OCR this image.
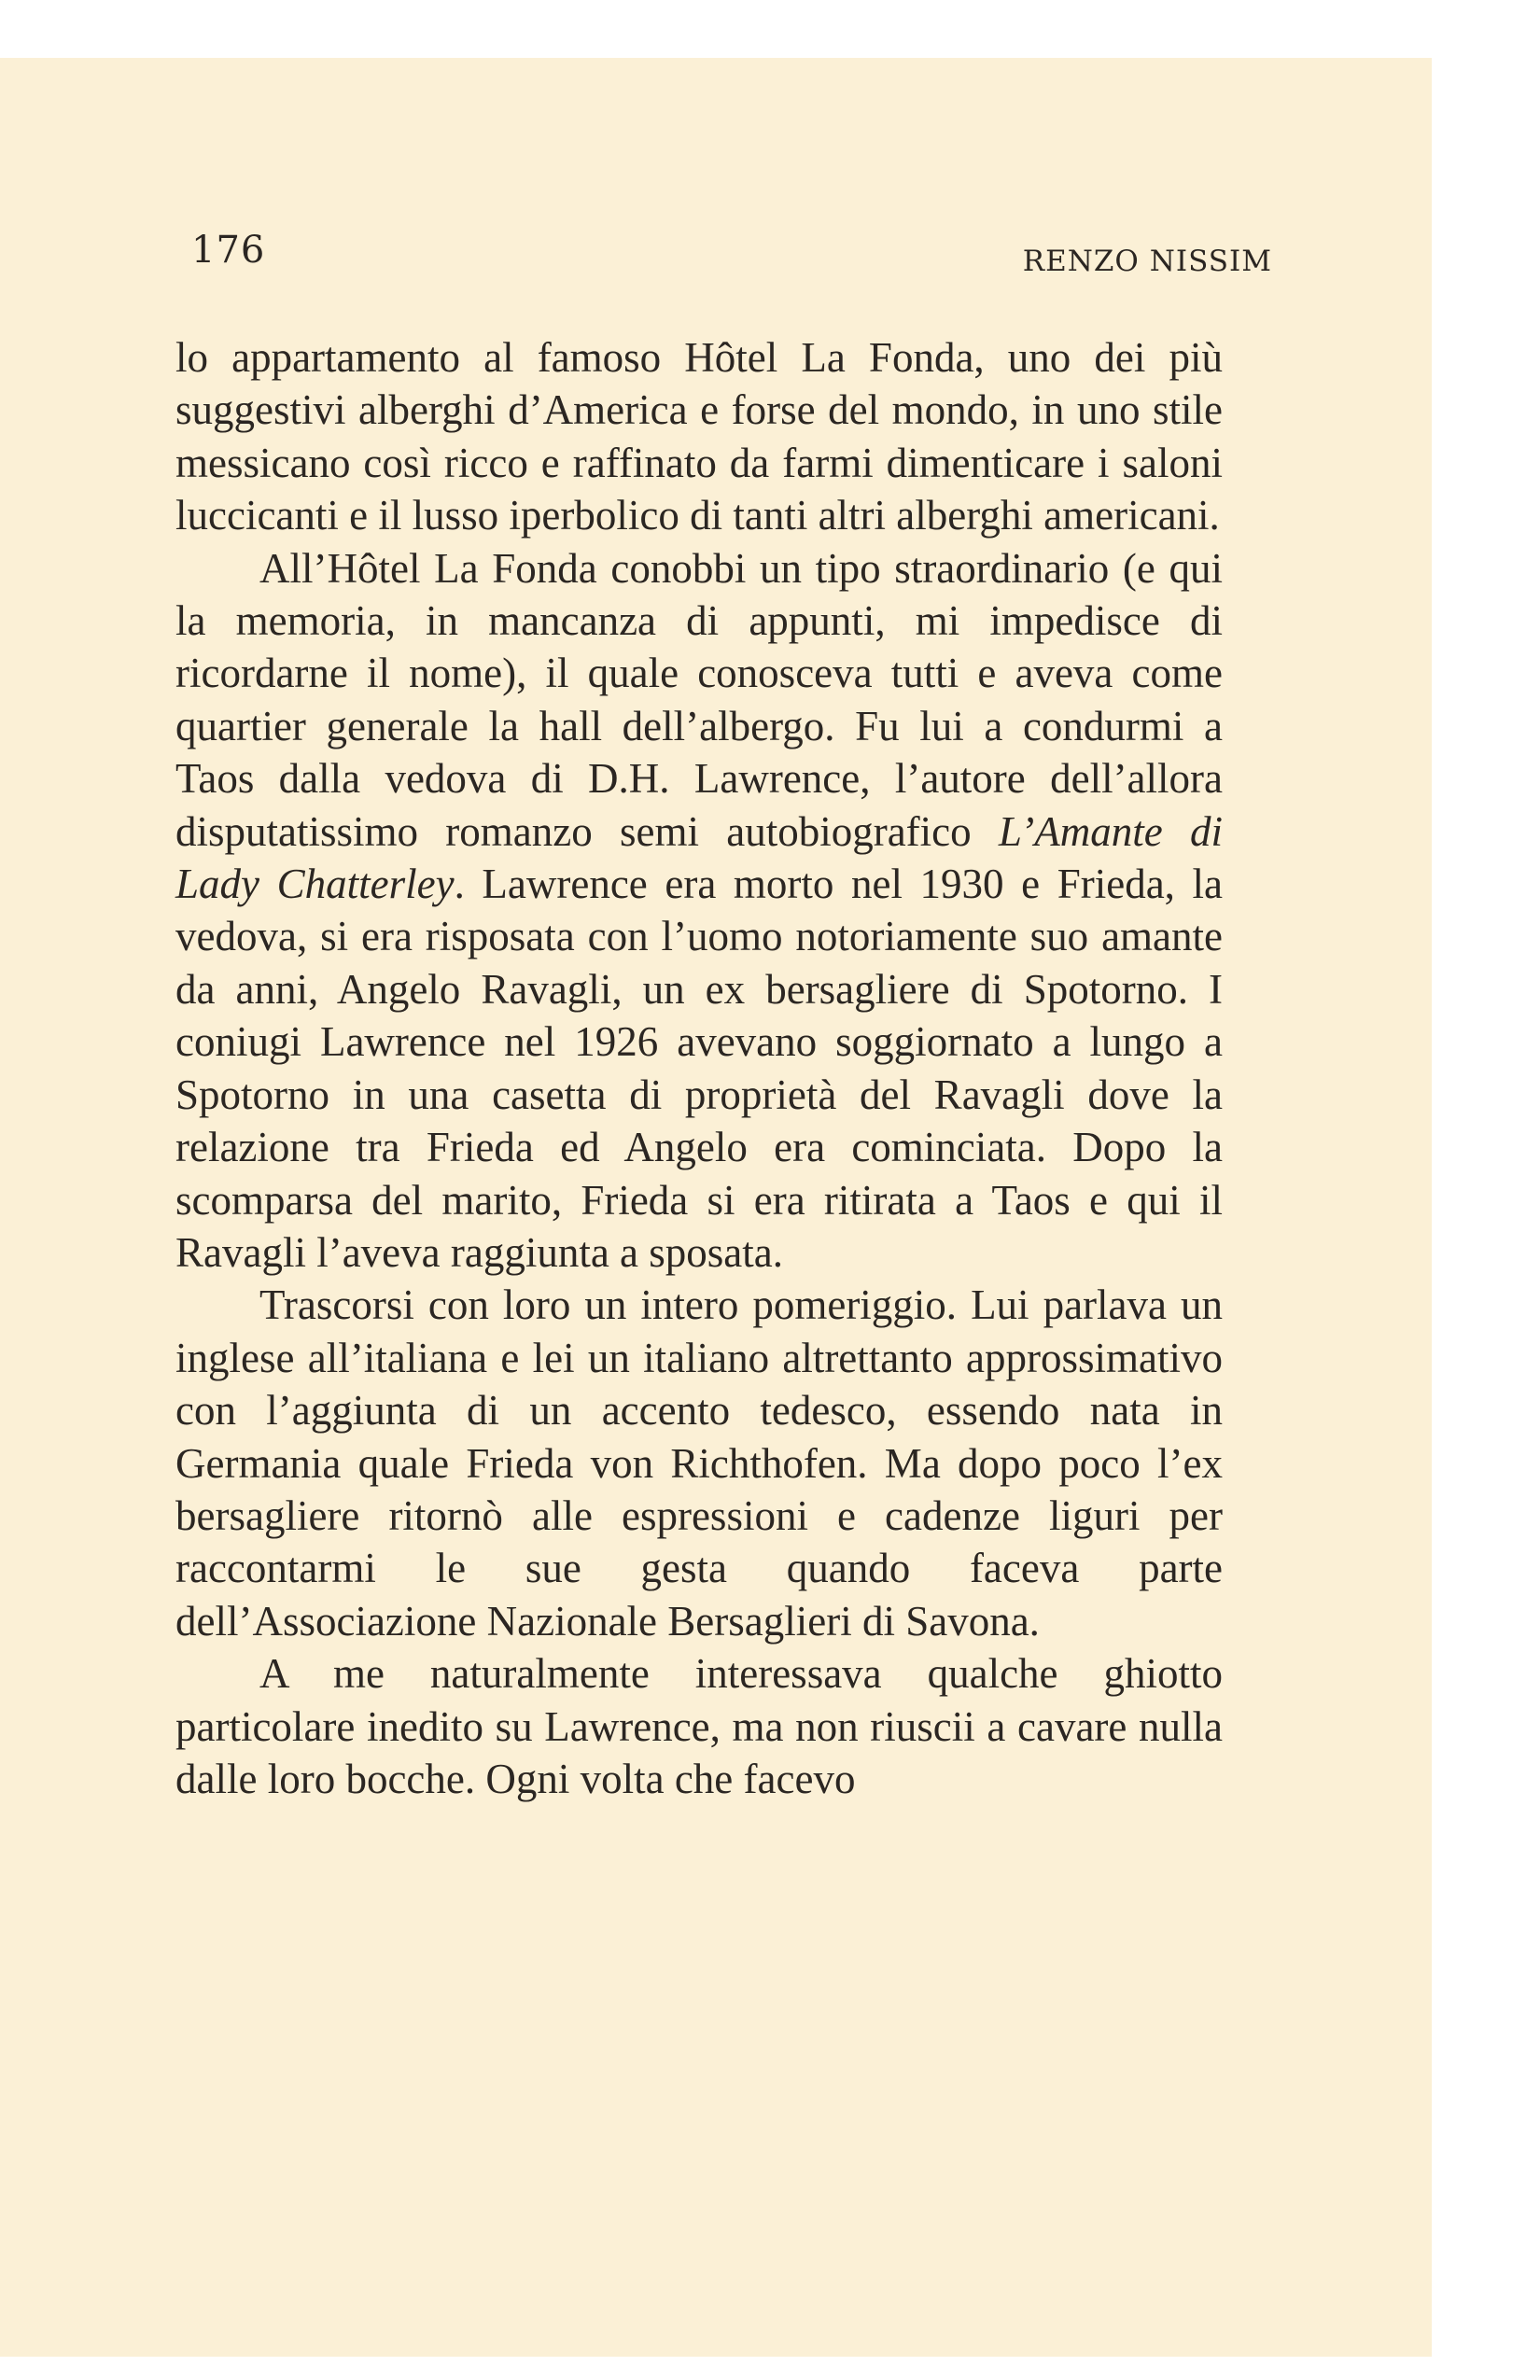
176	RENZO NISSIM

lo appartamento al famoso Hôtel La Fonda, uno dei più suggestivi alberghi d’America e forse del mondo, in uno stile messicano così ricco e raffinato da farmi dimenticare i saloni luccicanti e il lusso iperbolico di tanti altri alberghi americani.

All’Hôtel La Fonda conobbi un tipo straordinario (e qui la memoria, in mancanza di appunti, mi impedisce di ricordarne il nome), il quale conosceva tutti e aveva come quartier generale la hall dell’albergo. Fu lui a condurmi a Taos dalla vedova di D.H. Lawrence, l’autore dell’allora disputatissimo romanzo semi autobiografico L’Amante di Lady Chatterley. Lawrence era morto nel 1930 e Frieda, la vedova, si era risposata con l’uomo notoriamente suo amante da anni, Angelo Ravagli, un ex bersagliere di Spotorno. I coniugi Lawrence nel 1926 avevano soggiornato a lungo a Spotorno in una casetta di proprietà del Ravagli dove la relazione tra Frieda ed Angelo era cominciata. Dopo la scomparsa del marito, Frieda si era ritirata a Taos e qui il Ravagli l’aveva raggiunta a sposata.

Trascorsi con loro un intero pomeriggio. Lui parlava un inglese all’italiana e lei un italiano altrettanto approssimativo con l’aggiunta di un accento tedesco, essendo nata in Germania quale Frieda von Richthofen. Ma dopo poco l’ex bersagliere ritornò alle espressioni e cadenze liguri per raccontarmi le sue gesta quando faceva parte dell’Associazione Nazionale Bersaglieri di Savona.

A me naturalmente interessava qualche ghiotto particolare inedito su Lawrence, ma non riuscii a cavare nulla dalle loro bocche. Ogni volta che facevo
